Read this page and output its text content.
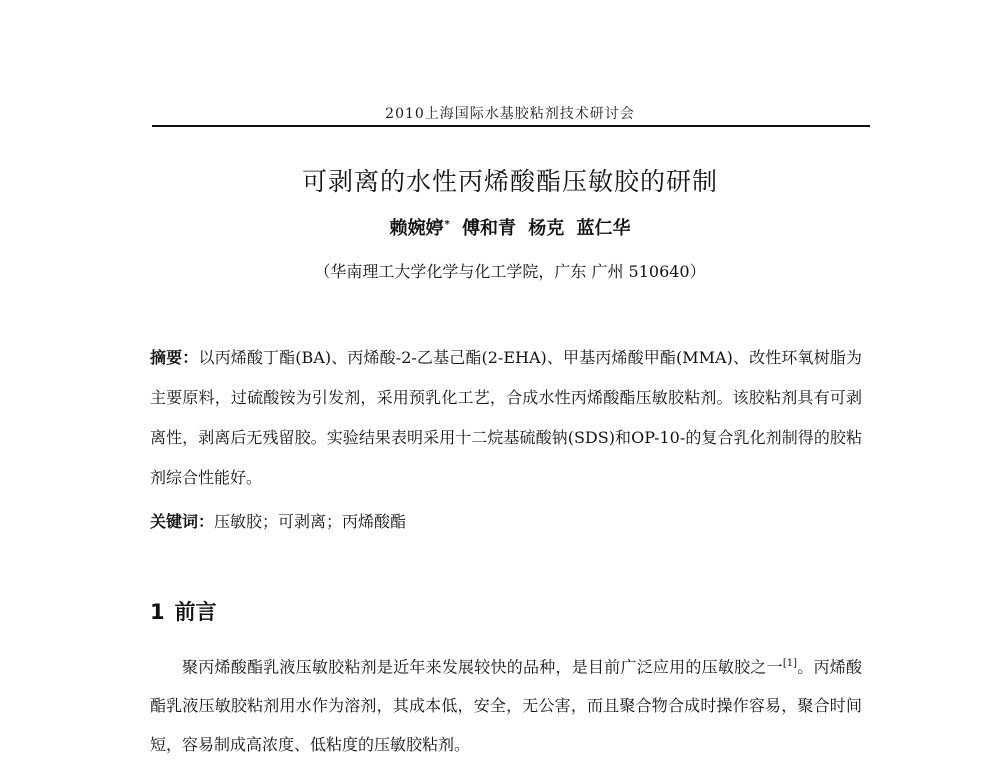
2010上海国际水基胶粘剂技术研讨会
可剥离的水性丙烯酸酯压敏胶的研制
赖婉婷* 傅和青 杨克 蓝仁华
（华南理工大学化学与化工学院，广东 广州 510640）
摘要：以丙烯酸丁酯(BA)、丙烯酸-2-乙基己酯(2-EHA)、甲基丙烯酸甲酯(MMA)、改性环氧树脂为主要原料，过硫酸铵为引发剂，采用预乳化工艺，合成水性丙烯酸酯压敏胶粘剂。该胶粘剂具有可剥离性，剥离后无残留胶。实验结果表明采用十二烷基硫酸钠(SDS)和OP-10-的复合乳化剂制得的胶粘剂综合性能好。
关键词：压敏胶；可剥离；丙烯酸酯
1 前言
聚丙烯酸酯乳液压敏胶粘剂是近年来发展较快的品种，是目前广泛应用的压敏胶之一[1]。丙烯酸酯乳液压敏胶粘剂用水作为溶剂，其成本低，安全，无公害，而且聚合物合成时操作容易，聚合时间短，容易制成高浓度、低粘度的压敏胶粘剂。
